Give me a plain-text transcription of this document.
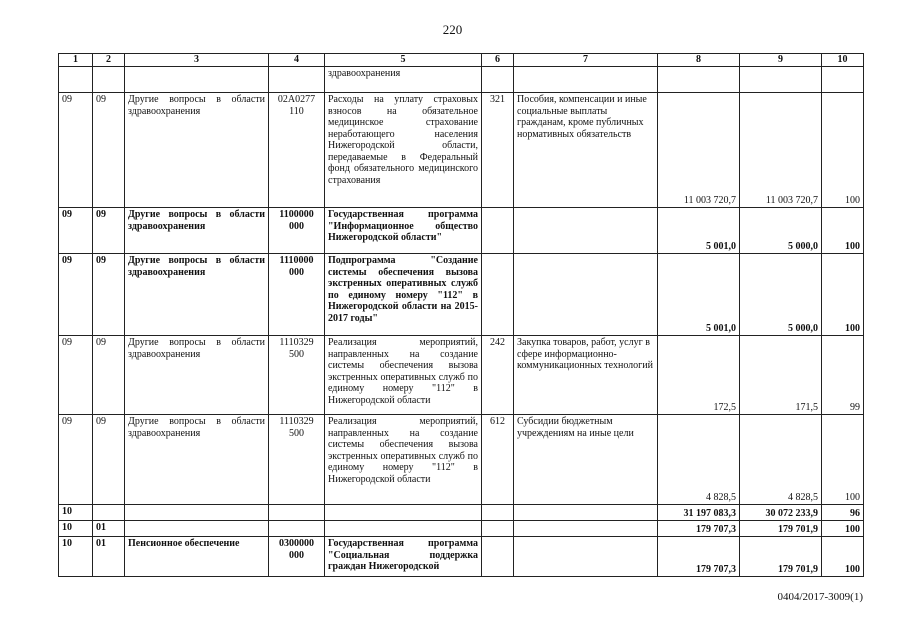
220
1	2	3	4	5	6	7	8	9	10
				здравоохранения					
09	09	Другие вопросы в области здравоохранения	02А0277 110	Расходы на уплату страховых взносов на обязательное медицинское страхование неработающего населения Нижегородской области, передаваемые в Федеральный фонд обязательного медицинского страхования	321	Пособия, компенсации и иные социальные выплаты гражданам, кроме публичных нормативных обязательств	11 003 720,7	11 003 720,7	100
09	09	Другие вопросы в области здравоохранения	1100000 000	Государственная программа "Информационное общество Нижегородской области"			5 001,0	5 000,0	100
09	09	Другие вопросы в области здравоохранения	1110000 000	Подпрограмма "Создание системы обеспечения вызова экстренных оперативных служб по единому номеру "112" в Нижегородской области на 2015-2017 годы"			5 001,0	5 000,0	100
09	09	Другие вопросы в области здравоохранения	1110329 500	Реализация мероприятий, направленных на создание системы обеспечения вызова экстренных оперативных служб по единому номеру "112" в Нижегородской области	242	Закупка товаров, работ, услуг в сфере информационно-коммуникационных технологий	172,5	171,5	99
09	09	Другие вопросы в области здравоохранения	1110329 500	Реализация мероприятий, направленных на создание системы обеспечения вызова экстренных оперативных служб по единому номеру "112" в Нижегородской области	612	Субсидии бюджетным учреждениям на иные цели	4 828,5	4 828,5	100
10							31 197 083,3	30 072 233,9	96
10	01						179 707,3	179 701,9	100
10	01	Пенсионное обеспечение	0300000 000	Государственная программа "Социальная поддержка граждан Нижегородской			179 707,3	179 701,9	100
0404/2017-3009(1)
